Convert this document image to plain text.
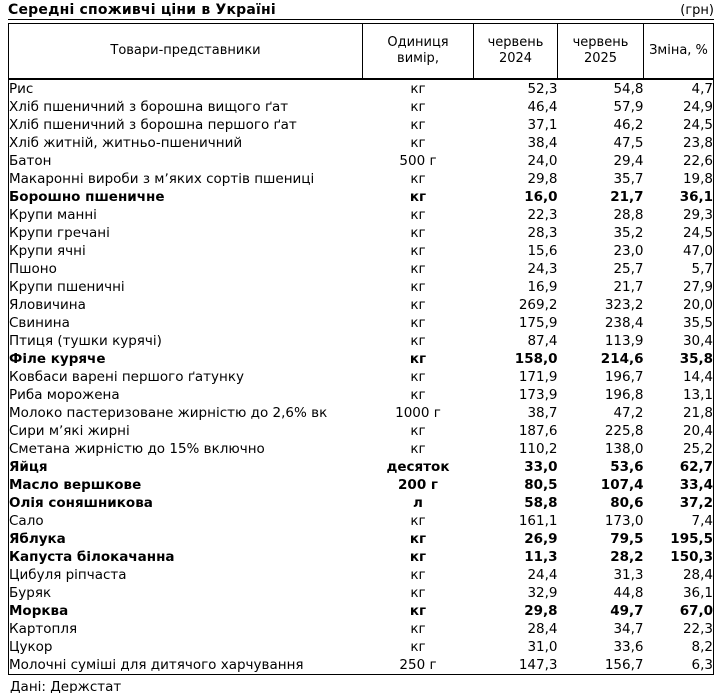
Середні споживчі ціни в Україні	(грн)
Товари-представники	Одиниця вимір,	червень 2024	червень 2025	Зміна, %
Рис	кг	52,3	54,8	4,7
Хліб пшеничний з борошна вищого ґат	кг	46,4	57,9	24,9
Хліб пшеничний з борошна першого ґат	кг	37,1	46,2	24,5
Хліб житній, житньо-пшеничний	кг	38,4	47,5	23,8
Батон	500 г	24,0	29,4	22,6
Макаронні вироби з мʼяких сортів пшениці	кг	29,8	35,7	19,8
Борошно пшеничне	кг	16,0	21,7	36,1
Крупи манні	кг	22,3	28,8	29,3
Крупи гречані	кг	28,3	35,2	24,5
Крупи ячні	кг	15,6	23,0	47,0
Пшоно	кг	24,3	25,7	5,7
Крупи пшеничні	кг	16,9	21,7	27,9
Яловичина	кг	269,2	323,2	20,0
Свинина	кг	175,9	238,4	35,5
Птиця (тушки курячі)	кг	87,4	113,9	30,4
Філе куряче	кг	158,0	214,6	35,8
Ковбаси варені першого ґатунку	кг	171,9	196,7	14,4
Риба морожена	кг	173,9	196,8	13,1
Молоко пастеризоване жирністю до 2,6% вк	1000 г	38,7	47,2	21,8
Сири мʼякі жирні	кг	187,6	225,8	20,4
Сметана жирністю до 15% включно	кг	110,2	138,0	25,2
Яйця	десяток	33,0	53,6	62,7
Масло вершкове	200 г	80,5	107,4	33,4
Олія соняшникова	л	58,8	80,6	37,2
Сало	кг	161,1	173,0	7,4
Яблука	кг	26,9	79,5	195,5
Капуста білокачанна	кг	11,3	28,2	150,3
Цибуля ріпчаста	кг	24,4	31,3	28,4
Буряк	кг	32,9	44,8	36,1
Морква	кг	29,8	49,7	67,0
Картопля	кг	28,4	34,7	22,3
Цукор	кг	31,0	33,6	8,2
Молочні суміші для дитячого харчування	250 г	147,3	156,7	6,3
Дані: Держстат
